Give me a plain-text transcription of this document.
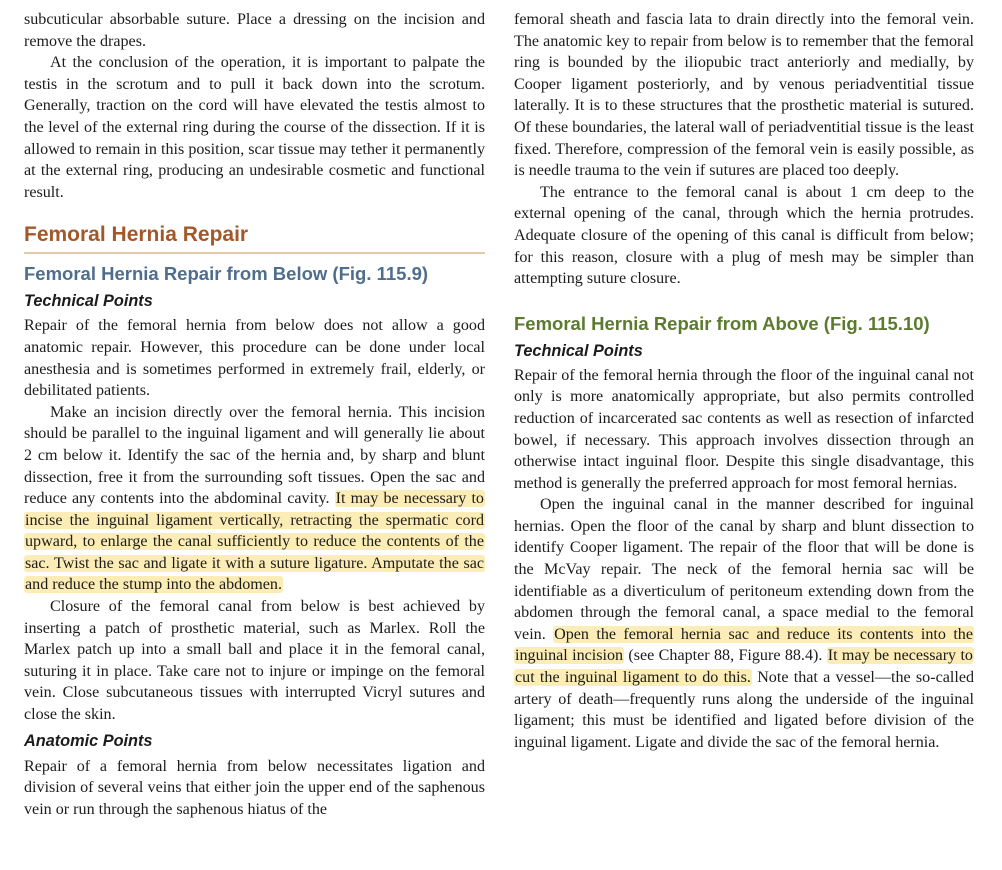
subcuticular absorbable suture. Place a dressing on the incision and remove the drapes.

At the conclusion of the operation, it is important to palpate the testis in the scrotum and to pull it back down into the scrotum. Generally, traction on the cord will have elevated the testis almost to the level of the external ring during the course of the dissection. If it is allowed to remain in this position, scar tissue may tether it permanently at the external ring, producing an undesirable cosmetic and functional result.

Femoral Hernia Repair
Femoral Hernia Repair from Below (Fig. 115.9)
Technical Points

Repair of the femoral hernia from below does not allow a good anatomic repair. However, this procedure can be done under local anesthesia and is sometimes performed in extremely frail, elderly, or debilitated patients.

Make an incision directly over the femoral hernia. This incision should be parallel to the inguinal ligament and will generally lie about 2 cm below it. Identify the sac of the hernia and, by sharp and blunt dissection, free it from the surrounding soft tissues. Open the sac and reduce any contents into the abdominal cavity. It may be necessary to incise the inguinal ligament vertically, retracting the spermatic cord upward, to enlarge the canal sufficiently to reduce the contents of the sac. Twist the sac and ligate it with a suture ligature. Amputate the sac and reduce the stump into the abdomen.

Closure of the femoral canal from below is best achieved by inserting a patch of prosthetic material, such as Marlex. Roll the Marlex patch up into a small ball and place it in the femoral canal, suturing it in place. Take care not to injure or impinge on the femoral vein. Close subcutaneous tissues with interrupted Vicryl sutures and close the skin.

Anatomic Points

Repair of a femoral hernia from below necessitates ligation and division of several veins that either join the upper end of the saphenous vein or run through the saphenous hiatus of the

femoral sheath and fascia lata to drain directly into the femoral vein. The anatomic key to repair from below is to remember that the femoral ring is bounded by the iliopubic tract anteriorly and medially, by Cooper ligament posteriorly, and by venous periadventitial tissue laterally. It is to these structures that the prosthetic material is sutured. Of these boundaries, the lateral wall of periadventitial tissue is the least fixed. Therefore, compression of the femoral vein is easily possible, as is needle trauma to the vein if sutures are placed too deeply.

The entrance to the femoral canal is about 1 cm deep to the external opening of the canal, through which the hernia protrudes. Adequate closure of the opening of this canal is difficult from below; for this reason, closure with a plug of mesh may be simpler than attempting suture closure.

Femoral Hernia Repair from Above (Fig. 115.10)
Technical Points

Repair of the femoral hernia through the floor of the inguinal canal not only is more anatomically appropriate, but also permits controlled reduction of incarcerated sac contents as well as resection of infarcted bowel, if necessary. This approach involves dissection through an otherwise intact inguinal floor. Despite this single disadvantage, this method is generally the preferred approach for most femoral hernias.

Open the inguinal canal in the manner described for inguinal hernias. Open the floor of the canal by sharp and blunt dissection to identify Cooper ligament. The repair of the floor that will be done is the McVay repair. The neck of the femoral hernia sac will be identifiable as a diverticulum of peritoneum extending down from the abdomen through the femoral canal, a space medial to the femoral vein. Open the femoral hernia sac and reduce its contents into the inguinal incision (see Chapter 88, Figure 88.4). It may be necessary to cut the inguinal ligament to do this. Note that a vessel—the so-called artery of death—frequently runs along the underside of the inguinal ligament; this must be identified and ligated before division of the inguinal ligament. Ligate and divide the sac of the femoral hernia.
